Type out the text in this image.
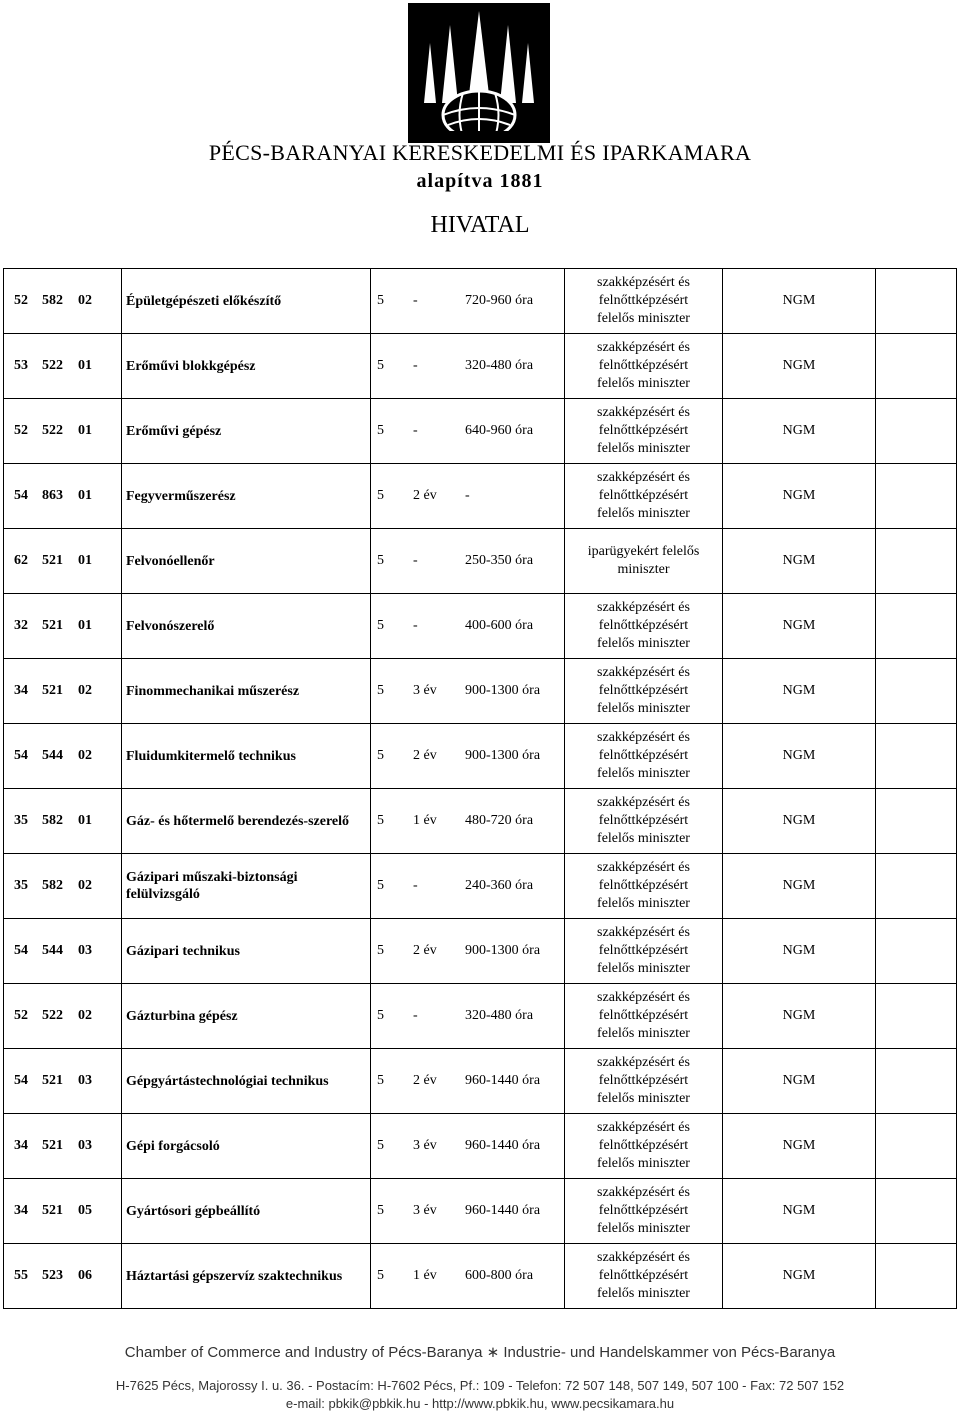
PÉCS-BARANYAI KERESKEDELMI ÉS IPARKAMARA
alapítva 1881
HIVATAL
52 582 02	Épületgépészeti előkészítő	5 - 720-960 óra	szakképzésért és
felnőttképzésért
felelős miniszter	NGM	
53 522 01	Erőművi blokkgépész	5 - 320-480 óra	szakképzésért és
felnőttképzésért
felelős miniszter	NGM	
52 522 01	Erőművi gépész	5 - 640-960 óra	szakképzésért és
felnőttképzésért
felelős miniszter	NGM	
54 863 01	Fegyverműszerész	5 2 év -	szakképzésért és
felnőttképzésért
felelős miniszter	NGM	
62 521 01	Felvonóellenőr	5 - 250-350 óra	iparügyekért felelős
miniszter	NGM	
32 521 01	Felvonószerelő	5 - 400-600 óra	szakképzésért és
felnőttképzésért
felelős miniszter	NGM	
34 521 02	Finommechanikai műszerész	5 3 év 900-1300 óra	szakképzésért és
felnőttképzésért
felelős miniszter	NGM	
54 544 02	Fluidumkitermelő technikus	5 2 év 900-1300 óra	szakképzésért és
felnőttképzésért
felelős miniszter	NGM	
35 582 01	Gáz- és hőtermelő berendezés-szerelő	5 1 év 480-720 óra	szakképzésért és
felnőttképzésért
felelős miniszter	NGM	
35 582 02	Gázipari műszaki-biztonsági felülvizsgáló	5 - 240-360 óra	szakképzésért és
felnőttképzésért
felelős miniszter	NGM	
54 544 03	Gázipari technikus	5 2 év 900-1300 óra	szakképzésért és
felnőttképzésért
felelős miniszter	NGM	
52 522 02	Gázturbina gépész	5 - 320-480 óra	szakképzésért és
felnőttképzésért
felelős miniszter	NGM	
54 521 03	Gépgyártástechnológiai technikus	5 2 év 960-1440 óra	szakképzésért és
felnőttképzésért
felelős miniszter	NGM	
34 521 03	Gépi forgácsoló	5 3 év 960-1440 óra	szakképzésért és
felnőttképzésért
felelős miniszter	NGM	
34 521 05	Gyártósori gépbeállító	5 3 év 960-1440 óra	szakképzésért és
felnőttképzésért
felelős miniszter	NGM	
55 523 06	Háztartási gépszervíz szaktechnikus	5 1 év 600-800 óra	szakképzésért és
felnőttképzésért
felelős miniszter	NGM	
Chamber of Commerce and Industry of Pécs-Baranya ∗ Industrie- und Handelskammer von Pécs-Baranya
H-7625 Pécs, Majorossy I. u. 36. - Postacím: H-7602 Pécs, Pf.: 109 - Telefon: 72 507 148, 507 149, 507 100 - Fax: 72 507 152
e-mail: pbkik@pbkik.hu - http://www.pbkik.hu, www.pecsikamara.hu
